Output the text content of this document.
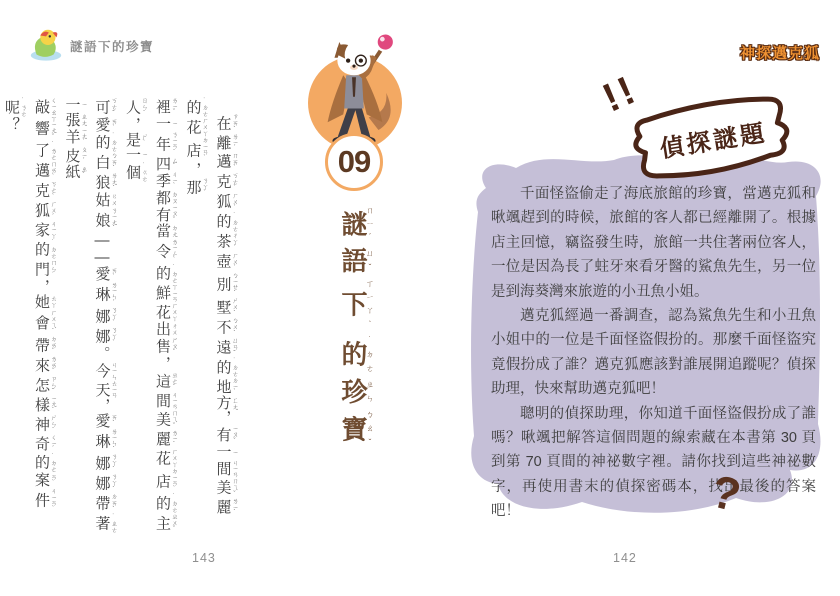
謎語下的珍寶	神探邁克狐
09
謎ㄇㄧˊ語ㄩˇ下ㄒㄧㄚˋ的˙ㄉㄜ珍ㄓㄣ寶ㄅㄠˇ
在 ㄗㄞˋ離 ㄌㄧˊ邁 ㄇㄞˋ克 ㄎㄜˋ狐 ㄏㄨˊ的 ˙ㄉㄜ茶 ㄔㄚˊ壺 ㄏㄨˊ別 ㄅㄧㄝˊ墅 ㄕㄨˋ不 ㄅㄨˋ遠 ㄩㄢˇ的 ˙ㄉㄜ地 ㄉㄧˋ方 ㄈㄤ，有 ㄧㄡˇ一 ㄧ間 ㄐㄧㄢ美 ㄇㄟˇ麗 ㄌㄧˋ的 ˙ㄉㄜ花 ㄏㄨㄚ店 ㄉㄧㄢˋ，那 ㄋㄚˋ
裡 ㄌㄧˇ一 ㄧ年 ㄋㄧㄢˊ四 ㄙˋ季 ㄐㄧˋ都 ㄉㄡ有 ㄧㄡˇ當 ㄉㄤ令 ㄌㄧㄥˋ的 ˙ㄉㄜ鮮 ㄒㄧㄢ花 ㄏㄨㄚ出 ㄔㄨ售 ㄕㄡˋ，這 ㄓㄜˋ間 ㄐㄧㄢ美 ㄇㄟˇ麗 ㄌㄧˋ花 ㄏㄨㄚ店 ㄉㄧㄢˋ的 ˙ㄉㄜ主 ㄓㄨˇ人 ㄖㄣˊ，是 ㄕˋ一 ㄧ個 ˙ㄍㄜ
可 ㄎㄜˇ愛 ㄞˋ的 ˙ㄉㄜ白 ㄅㄞˊ狼 ㄌㄤˊ姑 ㄍㄨ娘 ㄋㄧㄤˊ——愛 ㄞˋ琳 ㄌㄧㄣˊ娜 ㄋㄚˋ娜 ㄋㄚˋ。今 ㄐㄧㄣ天 ㄊㄧㄢ，愛 ㄞˋ琳 ㄌㄧㄣˊ娜 ㄋㄚˋ娜 ㄋㄚˋ帶 ㄉㄞˋ著 ˙ㄓㄜ一 ㄧ張 ㄓㄤ羊 ㄧㄤˊ皮 ㄆㄧˊ紙 ㄓˇ
敲 ㄑㄧㄠ響 ㄒㄧㄤˇ了 ˙ㄌㄜ邁 ㄇㄞˋ克 ㄎㄜˋ狐 ㄏㄨˊ家 ㄐㄧㄚ的 ˙ㄉㄜ門 ㄇㄣˊ，她 ㄊㄚ會 ㄏㄨㄟˋ帶 ㄉㄞˋ來 ㄌㄞˊ怎 ㄗㄣˇ樣 ㄧㄤˋ神 ㄕㄣˊ奇 ㄑㄧˊ的 ˙ㄉㄜ案 ㄢˋ件 ㄐㄧㄢˋ呢 ˙ㄋㄜ？
!!
偵探謎題

千面怪盜偷走了海底旅館的珍寶，當邁克狐和啾颯趕到的時候，旅館的客人都已經離開了。根據店主回憶，竊盜發生時，旅館一共住著兩位客人，一位是因為長了蛀牙來看牙醫的鯊魚先生，另一位是到海葵灣來旅遊的小丑魚小姐。

邁克狐經過一番調查，認為鯊魚先生和小丑魚小姐中的一位是千面怪盜假扮的。那麼千面怪盜究竟假扮成了誰？邁克狐應該對誰展開追蹤呢？偵探助理，快來幫助邁克狐吧！

聰明的偵探助理，你知道千面怪盜假扮成了誰嗎？啾颯把解答這個問題的線索藏在本書第 30 頁到第 70 頁間的神祕數字裡。請你找到這些神祕數字，再使用書末的偵探密碼本，找出最後的答案吧！	?
143	142
